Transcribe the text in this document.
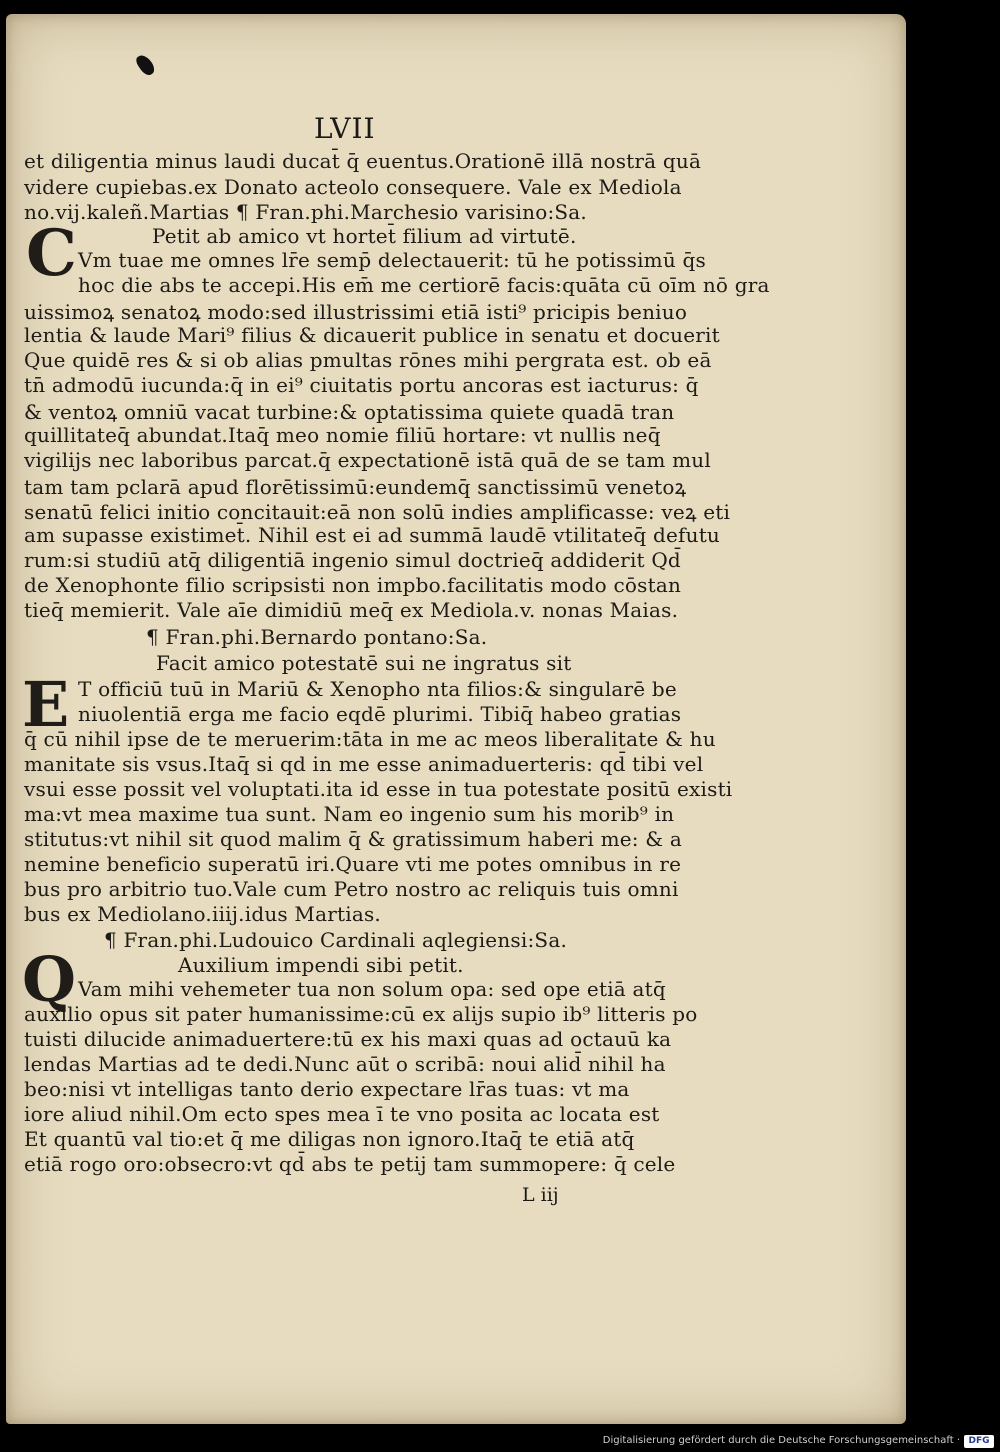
LVII
C
E
Q
et diligentia minus laudi ducat̄ q̄ euentus.Orationē illā nostrā quā
videre cupiebas.ex Donato acteolo consequere. Vale ex Mediola
no.vij.kaleñ.Martias ¶ Fran.phi.Marchesio varisino:Sa.
Petit ab amico vt hortet̄ filium ad virtutē.
Vm tuae me omnes lr̄e semp̄ delectauerit: tū he potissimū q̄s
hoc die abs te accepi.His em̄ me certiorē facis:quāta cū oīm nō gra
uissimoꝝ senatoꝝ modo:sed illustrissimi etiā isti⁹ pricipis beniuo
lentia & laude Mari⁹ filius & dicauerit publice in senatu et docuerit
Que quidē res & si ob alias pmultas rōnes mihi pergrata est. ob eā
tn̄ admodū iucunda:q̄ in ei⁹ ciuitatis portu ancoras est iacturus: q̄
& ventoꝝ omniū vacat turbine:& optatissima quiete quadā tran
quillitateq̄ abundat.Itaq̄ meo nomie filiū hortare: vt nullis neq̄
vigilijs nec laboribus parcat.q̄ expectationē istā quā de se tam mul
tam tam pclarā apud florētissimū:eundemq̄ sanctissimū venetoꝝ
senatū felici initio concitauit:eā non solū indies amplificasse: veꝝ eti
am supasse existimet̄. Nihil est ei ad summā laudē vtilitateq̄ defutu
rum:si studiū atq̄ diligentiā ingenio simul doctrieq̄ addiderit Qd̄
de Xenophonte filio scripsisti non impbo.facilitatis modo cōstan
tieq̄ memierit. Vale aīe dimidiū meq̄ ex Mediola.v. nonas Maias.
¶ Fran.phi.Bernardo pontano:Sa.
Facit amico potestatē sui ne ingratus sit
T officiū tuū in Mariū & Xenopho nta filios:& singularē be
niuolentiā erga me facio eqdē plurimi. Tibiq̄ habeo gratias
q̄ cū nihil ipse de te meruerim:tāta in me ac meos liberalitate & hu
manitate sis vsus.Itaq̄ si qd in me esse animaduerteris: qd̄ tibi vel
vsui esse possit vel voluptati.ita id esse in tua potestate positū existi
ma:vt mea maxime tua sunt. Nam eo ingenio sum his morib⁹ in
stitutus:vt nihil sit quod malim q̄ & gratissimum haberi me: & a
nemine beneficio superatū iri.Quare vti me potes omnibus in re
bus pro arbitrio tuo.Vale cum Petro nostro ac reliquis tuis omni
bus ex Mediolano.iiij.idus Martias.
¶ Fran.phi.Ludouico Cardinali aqlegiensi:Sa.
Auxilium impendi sibi petit.
Vam mihi vehemeter tua non solum opa: sed ope etiā atq̄
auxilio opus sit pater humanissime:cū ex alijs supio ib⁹ litteris po
tuisti dilucide animaduertere:tū ex his maxi quas ad octauū ka
lendas Martias ad te dedi.Nunc aūt o scribā: noui alid̄ nihil ha
beo:nisi vt intelligas tanto derio expectare lr̄as tuas: vt ma
iore aliud nihil.Om ecto spes mea ī te vno posita ac locata est
Et quantū val tio:et q̄ me diligas non ignoro.Itaq̄ te etiā atq̄
etiā rogo oro:obsecro:vt qd̄ abs te petij tam summopere: q̄ cele
L iij
Digitalisierung gefördert durch die Deutsche Forschungsgemeinschaft · DFG
